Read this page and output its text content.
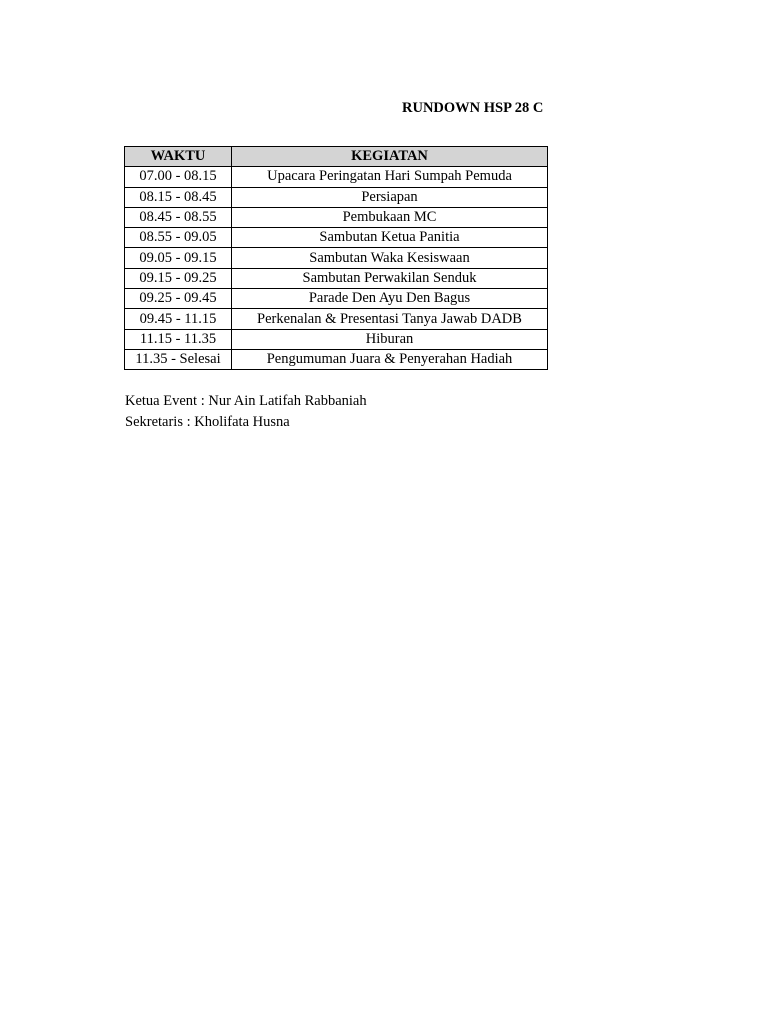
RUNDOWN HSP 28 C
WAKTU	KEGIATAN
07.00 - 08.15	Upacara Peringatan Hari Sumpah Pemuda
08.15 - 08.45	Persiapan
08.45 - 08.55	Pembukaan MC
08.55 - 09.05	Sambutan Ketua Panitia
09.05 - 09.15	Sambutan Waka Kesiswaan
09.15 - 09.25	Sambutan Perwakilan Senduk
09.25 - 09.45	Parade Den Ayu Den Bagus
09.45 - 11.15	Perkenalan & Presentasi Tanya Jawab DADB
11.15 - 11.35	Hiburan
11.35 - Selesai	Pengumuman Juara & Penyerahan Hadiah
Ketua Event : Nur Ain Latifah Rabbaniah
Sekretaris : Kholifata Husna
